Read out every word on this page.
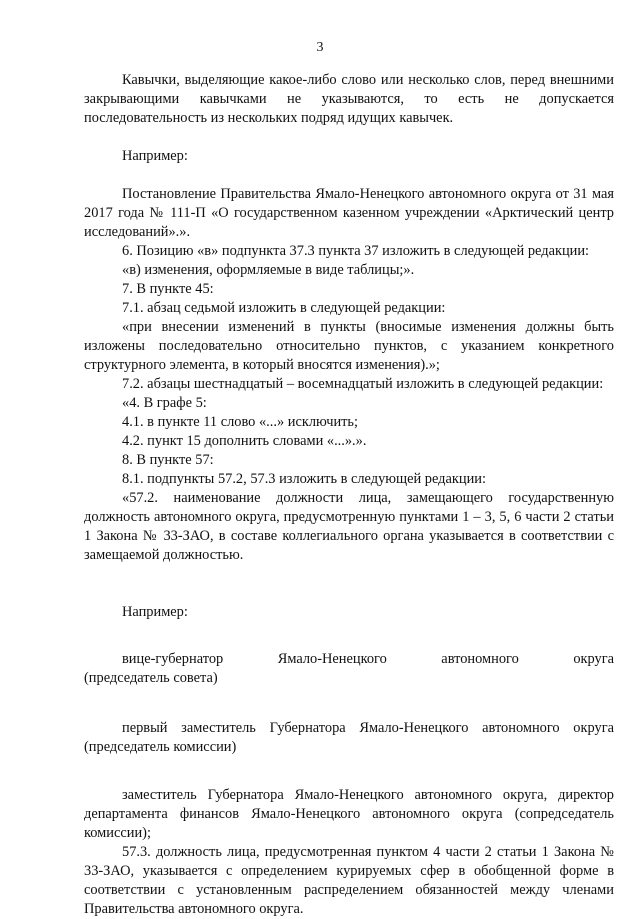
3

Кавычки, выделяющие какое-либо слово или несколько слов, перед внешними закрывающими кавычками не указываются, то есть не допускается последовательность из нескольких подряд идущих кавычек.

Например:

Постановление Правительства Ямало-Ненецкого автономного округа от 31 мая 2017 года № 111-П «О государственном казенном учреждении «Арктический центр исследований».».

6. Позицию «в» подпункта 37.3 пункта 37 изложить в следующей редакции:

«в) изменения, оформляемые в виде таблицы;».

7. В пункте 45:

7.1. абзац седьмой изложить в следующей редакции:

«при внесении изменений в пункты (вносимые изменения должны быть изложены последовательно относительно пунктов, с указанием конкретного структурного элемента, в который вносятся изменения).»;

7.2. абзацы шестнадцатый – восемнадцатый изложить в следующей редакции:

«4. В графе 5:

4.1. в пункте 11 слово «...» исключить;

4.2. пункт 15 дополнить словами «...».».

8. В пункте 57:

8.1. подпункты 57.2, 57.3 изложить в следующей редакции:

«57.2. наименование должности лица, замещающего государственную должность автономного округа, предусмотренную пунктами 1 – 3, 5, 6 части 2 статьи 1 Закона № 33-ЗАО, в составе коллегиального органа указывается в соответствии с замещаемой должностью.

Например:

вице-губернатор Ямало-Ненецкого автономного округа

(председатель совета)

первый заместитель Губернатора Ямало-Ненецкого автономного округа

(председатель комиссии)

заместитель Губернатора Ямало-Ненецкого автономного округа, директор департамента финансов Ямало-Ненецкого автономного округа (сопредседатель комиссии);

57.3. должность лица, предусмотренная пунктом 4 части 2 статьи 1 Закона № 33-ЗАО, указывается с определением курируемых сфер в обобщенной форме в соответствии с установленным распределением обязанностей между членами Правительства автономного округа.
